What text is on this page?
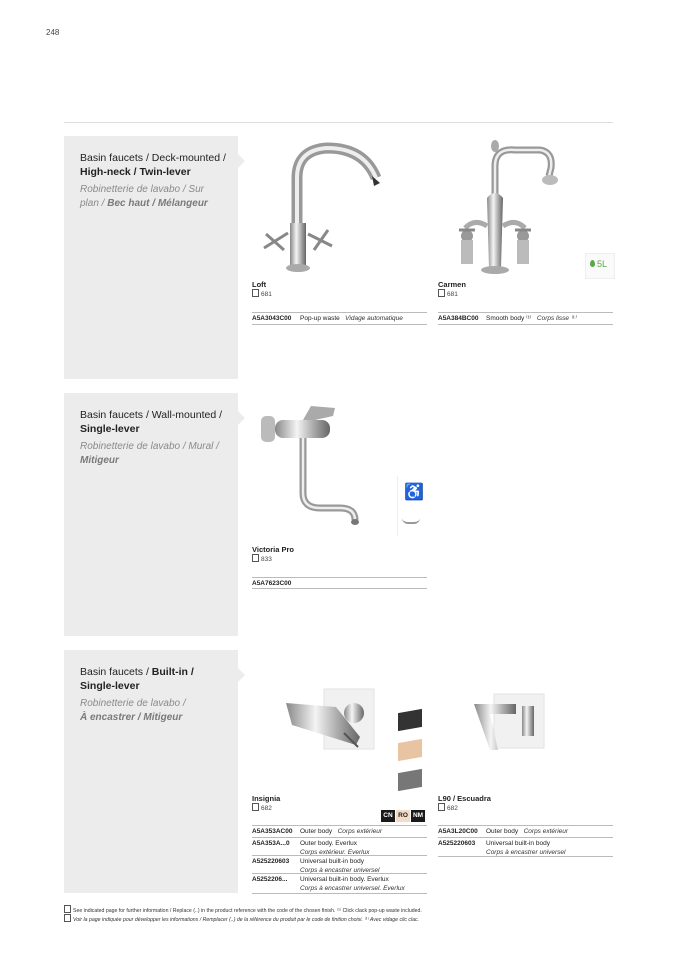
248
Basin faucets / Deck-mounted /
High-neck / Twin-lever
Robinetterie de lavabo / Sur
plan / Bec haut / Mélangeur
5L
Loft
681
Carmen
681
A5A3043C00 Pop-up waste Vidage automatique	A5A384BC00 Smooth body ⁽¹⁾ Corps lisse ⁽¹⁾
Basin faucets / Wall-mounted /
Single-lever
Robinetterie de lavabo / Mural /
Mitigeur
♿
Victoria Pro
833
A5A7623C00
Basin faucets / Built-in /
Single-lever
Robinetterie de lavabo /
À encastrer / Mitigeur
Insignia
682
CN RO NM
L90 / Escuadra
682
A5A353AC00 Outer body Corps extérieur
A5A353A...0 Outer body. Everlux
Corps extérieur. Everlux
A525220603 Universal built-in body
Corps à encastrer universel
A5252206... Universal built-in body. Everlux
Corps à encastrer universel. Everlux
A5A3L20C00 Outer body Corps extérieur
A525220603 Universal built-in body
Corps à encastrer universel
See indicated page for further information / Replace (..) in the product reference with the code of the chosen finish. ⁽¹⁾ Click clack pop-up waste included.
Voir la page indiquée pour développer les informations / Remplacer (..) de la référence du produit par le code de finition choisi. ⁽¹⁾ Avec vidage clic clac.
